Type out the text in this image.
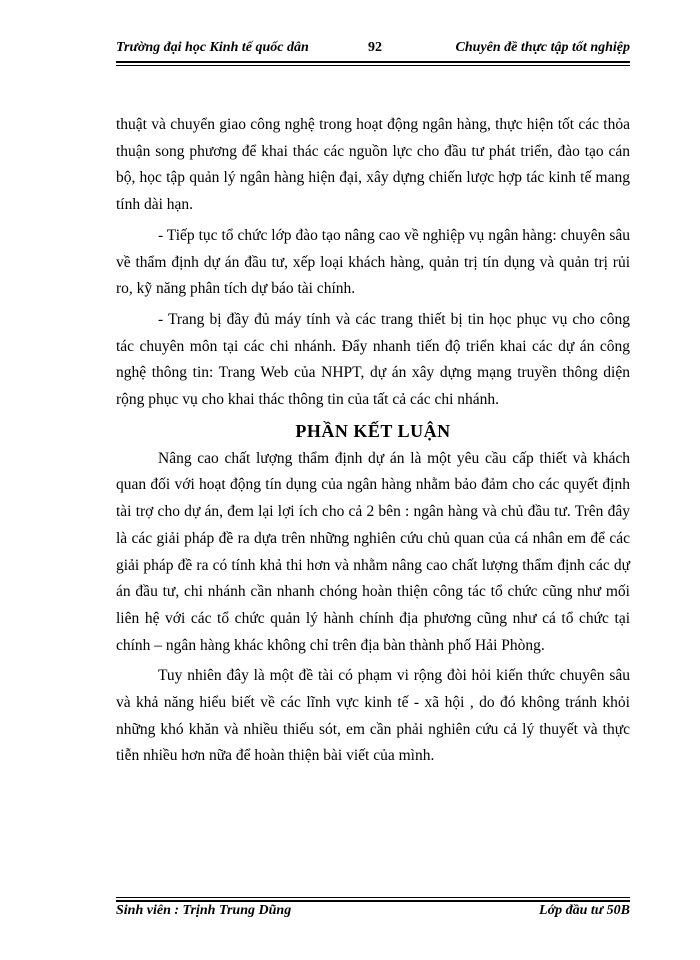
Trường đại học Kinh tế quốc dân	92	Chuyên đề thực tập tốt nghiệp

thuật và chuyển giao công nghệ trong hoạt động ngân hàng, thực hiện tốt các thỏa thuận song phương để khai thác các nguồn lực cho đầu tư phát triển, đào tạo cán bộ, học tập quản lý ngân hàng hiện đại, xây dựng chiến lược hợp tác kinh tế mang tính dài hạn.

- Tiếp tục tổ chức lớp đào tạo nâng cao về nghiệp vụ ngân hàng: chuyên sâu về thẩm định dự án đầu tư, xếp loại khách hàng, quản trị tín dụng và quản trị rủi ro, kỹ năng phân tích dự báo tài chính.

- Trang bị đầy đủ máy tính và các trang thiết bị tin học phục vụ cho công tác chuyên môn tại các chi nhánh. Đẩy nhanh tiến độ triển khai các dự án công nghệ thông tin: Trang Web của NHPT, dự án xây dựng mạng truyền thông diện rộng phục vụ cho khai thác thông tin của tất cả các chi nhánh.

PHẦN KẾT LUẬN

Nâng cao chất lượng thẩm định dự án là một yêu cầu cấp thiết và khách quan đối với hoạt động tín dụng của ngân hàng nhằm bảo đảm cho các quyết định tài trợ cho dự án, đem lại lợi ích cho cả 2 bên : ngân hàng và chủ đầu tư. Trên đây là các giải pháp đề ra dựa trên những nghiên cứu chủ quan của cá nhân em để các giải pháp đề ra có tính khả thi hơn và nhằm nâng cao chất lượng thẩm định các dự án đầu tư, chi nhánh cần nhanh chóng hoàn thiện công tác tổ chức cũng như mối liên hệ với các tổ chức quản lý hành chính địa phương cũng như cá tổ chức tại chính – ngân hàng khác không chỉ trên địa bàn thành phố Hải Phòng.

Tuy nhiên đây là một đề tài có phạm vi rộng đòi hỏi kiến thức chuyên sâu và khả năng hiểu biết về các lĩnh vực kinh tế - xã hội , do đó không tránh khỏi những khó khăn và nhiều thiếu sót, em cần phải nghiên cứu cả lý thuyết và thực tiễn nhiều hơn nữa để hoàn thiện bài viết của mình.

Sinh viên : Trịnh Trung Dũng	Lớp đầu tư 50B
